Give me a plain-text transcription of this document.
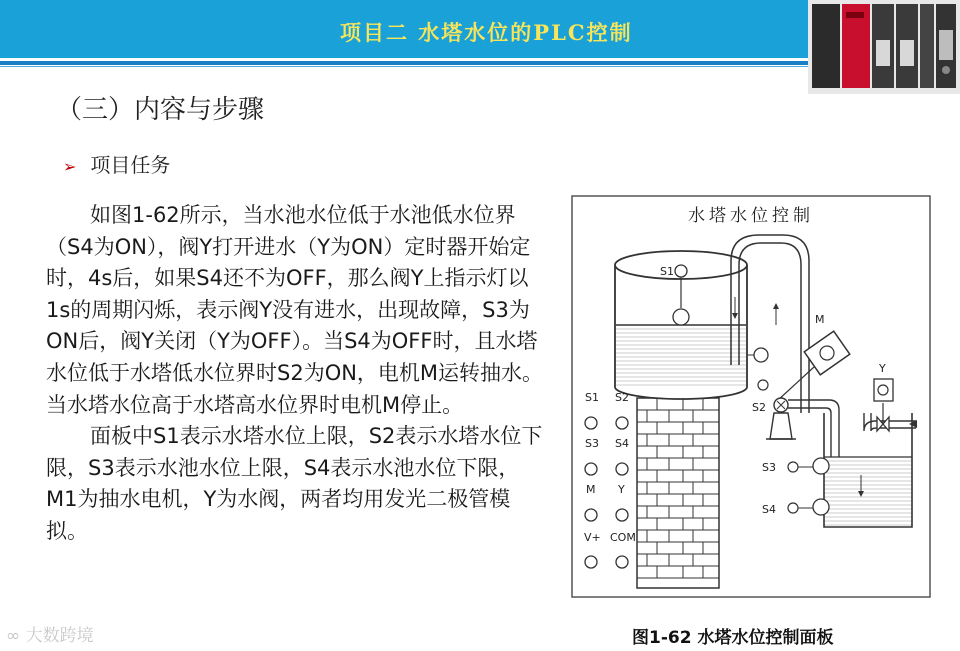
项目二 水塔水位的PLC控制
（三）内容与步骤
➢ 项目任务

如图1-62所示，当水池水位低于水池低水位界（S4为ON），阀Y打开进水（Y为ON）定时器开始定时，4s后，如果S4还不为OFF，那么阀Y上指示灯以1s的周期闪烁，表示阀Y没有进水，出现故障，S3为ON后，阀Y关闭（Y为OFF）。当S4为OFF时，且水塔水位低于水塔低水位界时S2为ON，电机M运转抽水。当水塔水位高于水塔高水位界时电机M停止。

面板中S1表示水塔水位上限，S2表示水塔水位下限，S3表示水池水位上限，S4表示水池水位下限，M1为抽水电机，Y为水阀，两者均用发光二极管模拟。

水塔水位控制
S1
S2
M
Y
S3
S4
S1 S2
S3 S4
M Y
V+ COM
图1-62 水塔水位控制面板
∞ 大数跨境
